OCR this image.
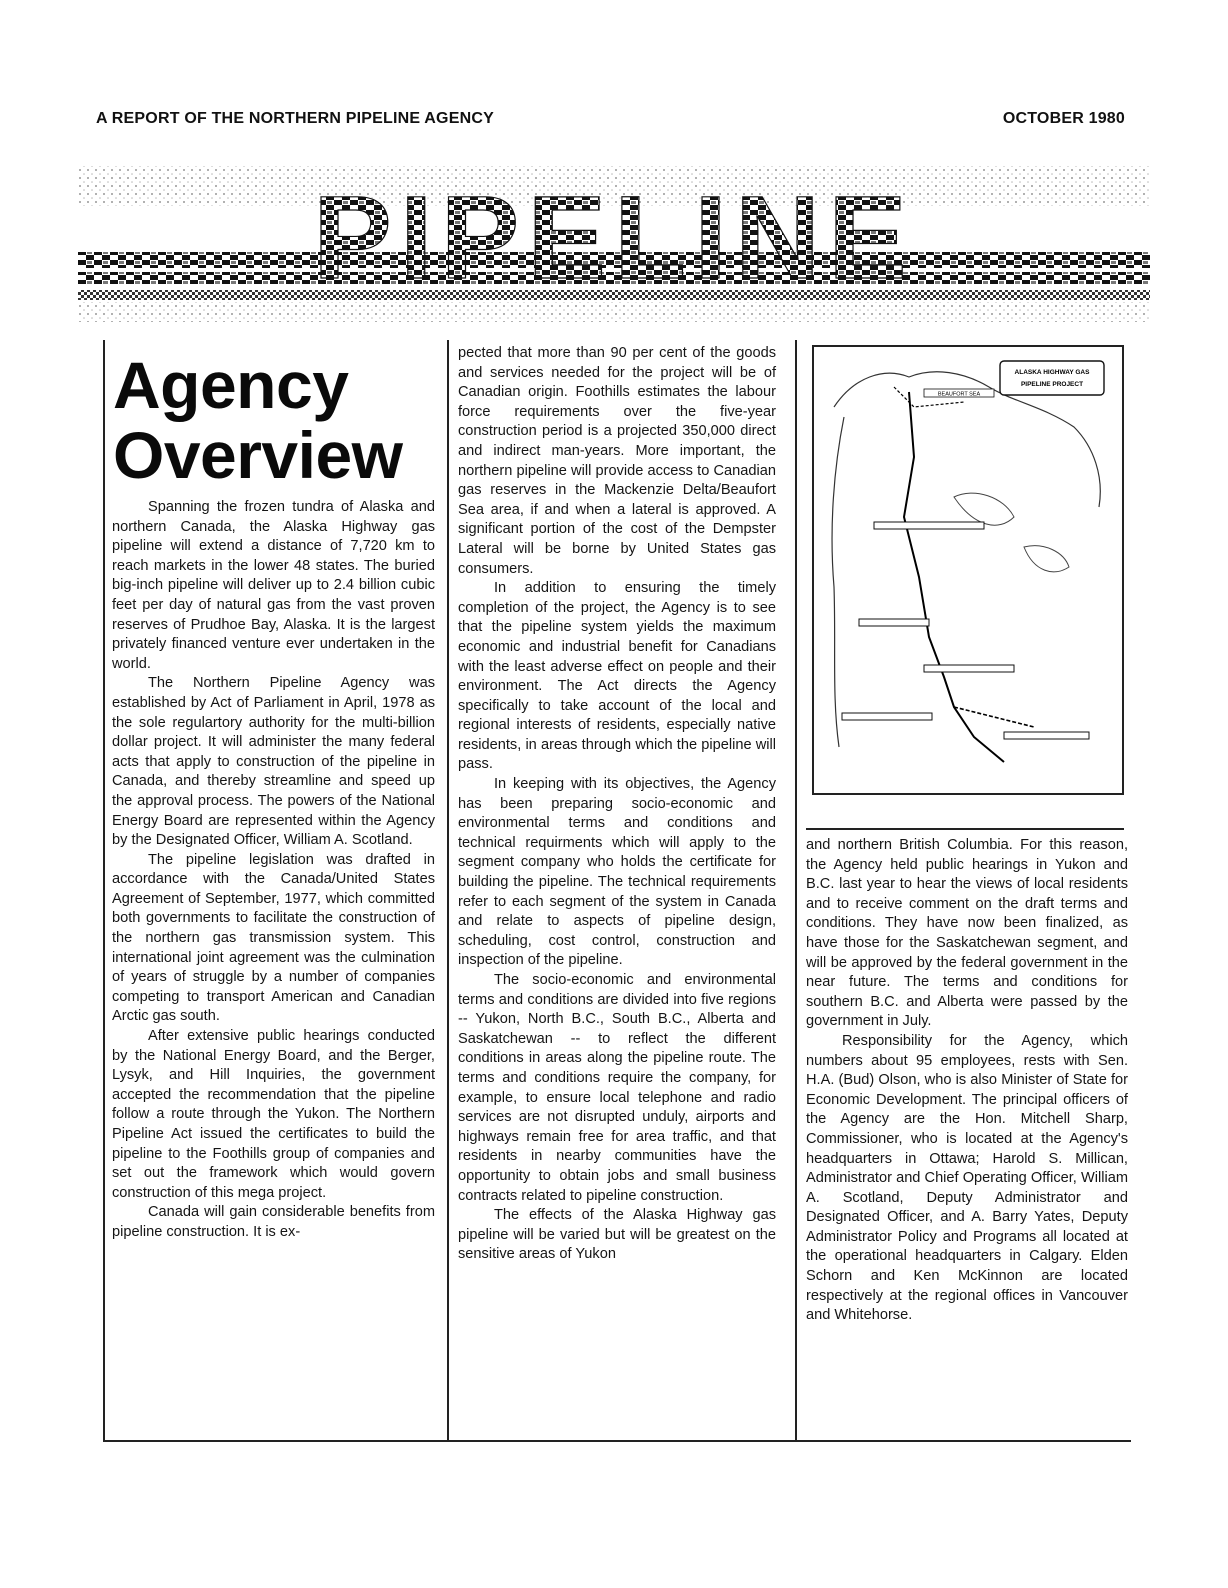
A REPORT OF THE NORTHERN PIPELINE AGENCY	OCTOBER 1980
PIPELINE
Agency
Overview

Spanning the frozen tundra of Alaska and northern Canada, the Alaska Highway gas pipeline will extend a distance of 7,720 km to reach markets in the lower 48 states. The buried big-inch pipeline will deliver up to 2.4 billion cubic feet per day of natural gas from the vast proven reserves of Prudhoe Bay, Alaska. It is the largest privately financed venture ever undertaken in the world.

The Northern Pipeline Agency was established by Act of Parliament in April, 1978 as the sole regulartory authority for the multi-billion dollar project. It will administer the many federal acts that apply to construction of the pipeline in Canada, and thereby streamline and speed up the approval process. The powers of the National Energy Board are represented within the Agency by the Designated Officer, William A. Scotland.

The pipeline legislation was drafted in accordance with the Canada/United States Agreement of September, 1977, which committed both governments to facilitate the construction of the northern gas transmission system. This international joint agreement was the culmination of years of struggle by a number of companies competing to transport American and Canadian Arctic gas south.

After extensive public hearings conducted by the National Energy Board, and the Berger, Lysyk, and Hill Inquiries, the government accepted the recommendation that the pipeline follow a route through the Yukon. The Northern Pipeline Act issued the certificates to build the pipeline to the Foothills group of companies and set out the framework which would govern construction of this mega project.

Canada will gain considerable benefits from pipeline construction. It is ex-

pected that more than 90 per cent of the goods and services needed for the project will be of Canadian origin. Foothills estimates the labour force requirements over the five-year construction period is a projected 350,000 direct and indirect man-years. More important, the northern pipeline will provide access to Canadian gas reserves in the Mackenzie Delta/Beaufort Sea area, if and when a lateral is approved. A significant portion of the cost of the Dempster Lateral will be borne by United States gas consumers.

In addition to ensuring the timely completion of the project, the Agency is to see that the pipeline system yields the maximum economic and industrial benefit for Canadians with the least adverse effect on people and their environment. The Act directs the Agency specifically to take account of the local and regional interests of residents, especially native residents, in areas through which the pipeline will pass.

In keeping with its objectives, the Agency has been preparing socio-economic and environmental terms and conditions and technical requirments which will apply to the segment company who holds the certificate for building the pipeline. The technical requirements refer to each segment of the system in Canada and relate to aspects of pipeline design, scheduling, cost control, construction and inspection of the pipeline.

The socio-economic and environmental terms and conditions are divided into five regions -- Yukon, North B.C., South B.C., Alberta and Saskatchewan -- to reflect the different conditions in areas along the pipeline route. The terms and conditions require the company, for example, to ensure local telephone and radio services are not disrupted unduly, airports and highways remain free for area traffic, and that residents in nearby communities have the opportunity to obtain jobs and small business contracts related to pipeline construction.

The effects of the Alaska Highway gas pipeline will be varied but will be greatest on the sensitive areas of Yukon

ALASKA HIGHWAY GAS
PIPELINE PROJECT
BEAUFORT SEA

and northern British Columbia. For this reason, the Agency held public hearings in Yukon and B.C. last year to hear the views of local residents and to receive comment on the draft terms and conditions. They have now been finalized, as have those for the Saskatchewan segment, and will be approved by the federal government in the near future. The terms and conditions for southern B.C. and Alberta were passed by the government in July.

Responsibility for the Agency, which numbers about 95 employees, rests with Sen. H.A. (Bud) Olson, who is also Minister of State for Economic Development. The principal officers of the Agency are the Hon. Mitchell Sharp, Commissioner, who is located at the Agency's headquarters in Ottawa; Harold S. Millican, Administrator and Chief Operating Officer, William A. Scotland, Deputy Administrator and Designated Officer, and A. Barry Yates, Deputy Administrator Policy and Programs all located at the operational headquarters in Calgary. Elden Schorn and Ken McKinnon are located respectively at the regional offices in Vancouver and Whitehorse.
